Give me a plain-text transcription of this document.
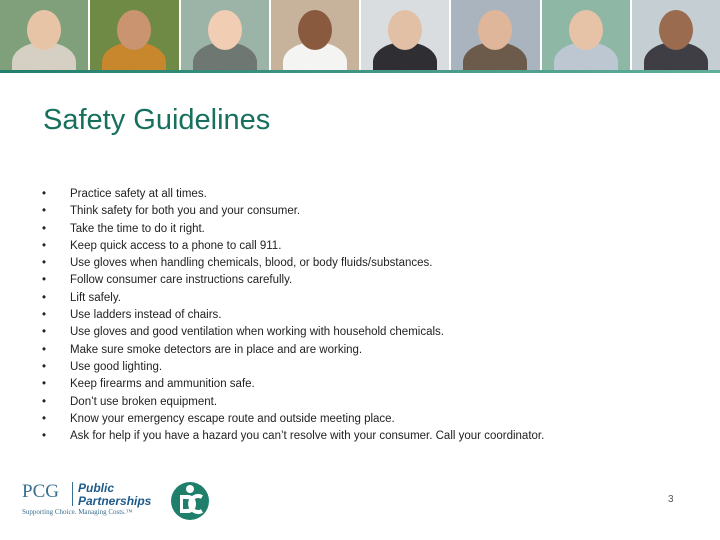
Safety Guidelines
•	Practice safety at all times.
•	Think safety for both you and your consumer.
•	Take the time to do it right.
•	Keep quick access to a phone to call 911.
•	Use gloves when handling chemicals, blood, or body fluids/substances.
•	Follow consumer care instructions carefully.
•	Lift safely.
•	Use ladders instead of chairs.
•	Use gloves and good ventilation when working with household chemicals.
•	Make sure smoke detectors are in place and are working.
•	Use good lighting.
•	Keep firearms and ammunition safe.
•	Don’t use broken equipment.
•	Know your emergency escape route and outside meeting place.
•	Ask for help if you have a hazard you can’t resolve with your consumer. Call your coordinator.
PCG Public
Partnerships
Supporting Choice. Managing Costs.™
3
